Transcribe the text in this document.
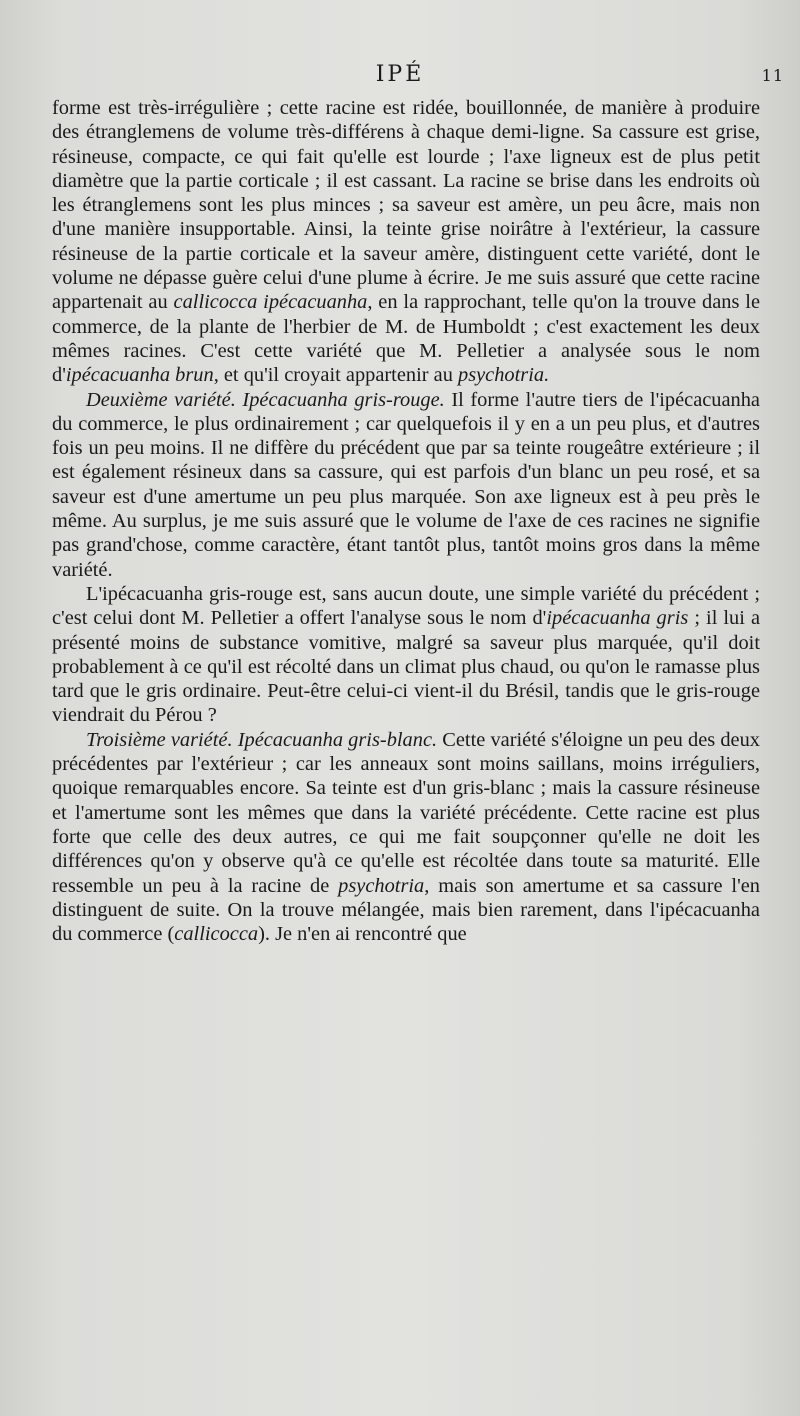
IPÉ	11

forme est très-irrégulière ; cette racine est ridée, bouillonnée, de manière à produire des étranglemens de volume très-différens à chaque demi-ligne. Sa cassure est grise, résineuse, compacte, ce qui fait qu'elle est lourde ; l'axe ligneux est de plus petit diamètre que la partie corticale ; il est cassant. La racine se brise dans les endroits où les étranglemens sont les plus minces ; sa saveur est amère, un peu âcre, mais non d'une manière insupportable. Ainsi, la teinte grise noirâtre à l'extérieur, la cassure résineuse de la partie corticale et la saveur amère, distinguent cette variété, dont le volume ne dépasse guère celui d'une plume à écrire. Je me suis assuré que cette racine appartenait au callicocca ipécacuanha, en la rapprochant, telle qu'on la trouve dans le commerce, de la plante de l'herbier de M. de Humboldt ; c'est exactement les deux mêmes racines. C'est cette variété que M. Pelletier a analysée sous le nom d'ipécacuanha brun, et qu'il croyait appartenir au psychotria.

Deuxième variété. Ipécacuanha gris-rouge. Il forme l'autre tiers de l'ipécacuanha du commerce, le plus ordinairement ; car quelquefois il y en a un peu plus, et d'autres fois un peu moins. Il ne diffère du précédent que par sa teinte rougeâtre extérieure ; il est également résineux dans sa cassure, qui est parfois d'un blanc un peu rosé, et sa saveur est d'une amertume un peu plus marquée. Son axe ligneux est à peu près le même. Au surplus, je me suis assuré que le volume de l'axe de ces racines ne signifie pas grand'chose, comme caractère, étant tantôt plus, tantôt moins gros dans la même variété.

L'ipécacuanha gris-rouge est, sans aucun doute, une simple variété du précédent ; c'est celui dont M. Pelletier a offert l'analyse sous le nom d'ipécacuanha gris ; il lui a présenté moins de substance vomitive, malgré sa saveur plus marquée, qu'il doit probablement à ce qu'il est récolté dans un climat plus chaud, ou qu'on le ramasse plus tard que le gris ordinaire. Peut-être celui-ci vient-il du Brésil, tandis que le gris-rouge viendrait du Pérou ?

Troisième variété. Ipécacuanha gris-blanc. Cette variété s'éloigne un peu des deux précédentes par l'extérieur ; car les anneaux sont moins saillans, moins irréguliers, quoique remarquables encore. Sa teinte est d'un gris-blanc ; mais la cassure résineuse et l'amertume sont les mêmes que dans la variété précédente. Cette racine est plus forte que celle des deux autres, ce qui me fait soupçonner qu'elle ne doit les différences qu'on y observe qu'à ce qu'elle est récoltée dans toute sa maturité. Elle ressemble un peu à la racine de psychotria, mais son amertume et sa cassure l'en distinguent de suite. On la trouve mélangée, mais bien rarement, dans l'ipécacuanha du commerce (callicocca). Je n'en ai rencontré que
